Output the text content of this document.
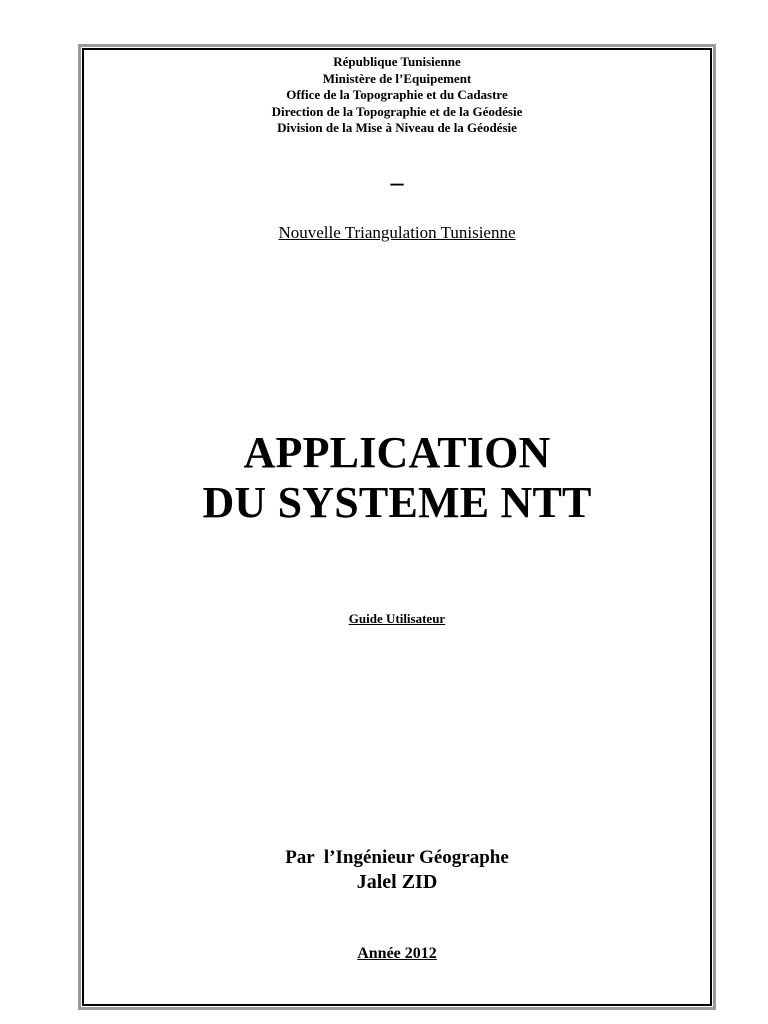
République Tunisienne
Ministère de l’Equipement
Office de la Topographie et du Cadastre
Direction de la Topographie et de la Géodésie
Division de la Mise à Niveau de la Géodésie
–
Nouvelle Triangulation Tunisienne
APPLICATION
DU SYSTEME NTT
Guide Utilisateur
Par  l’Ingénieur Géographe
Jalel ZID
Année 2012
